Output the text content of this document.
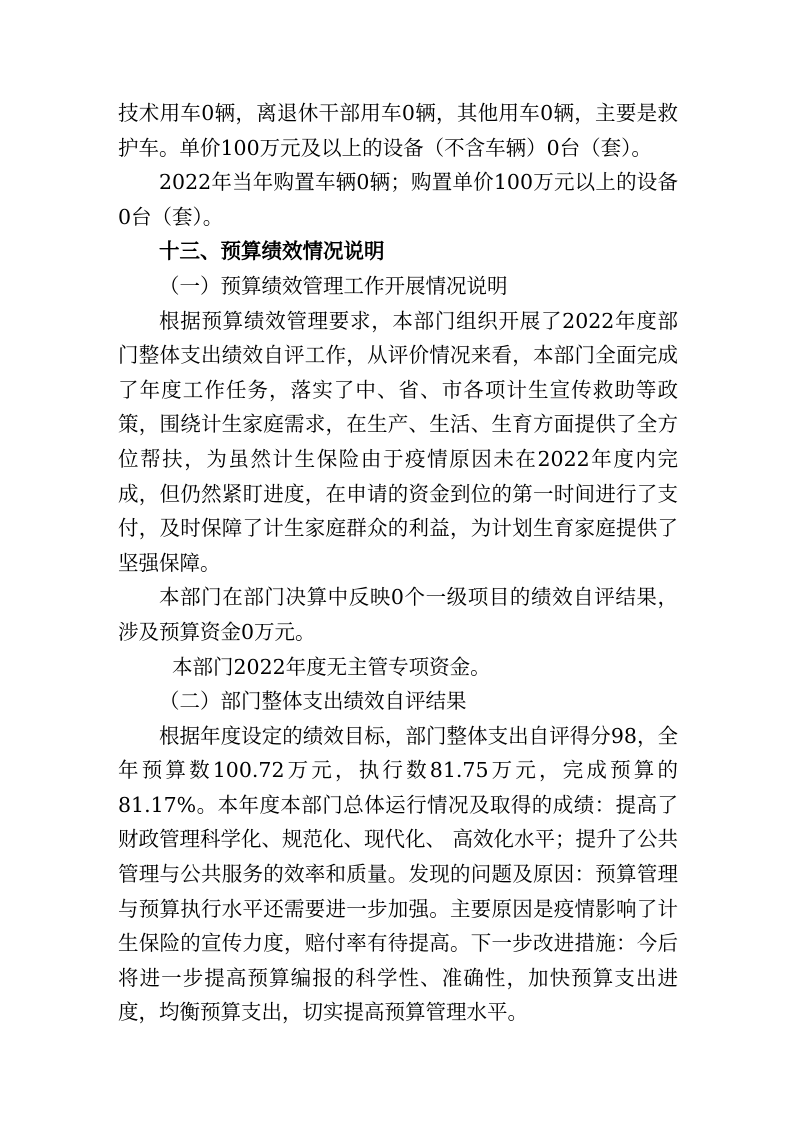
技术用车0辆，离退休干部用车0辆，其他用车0辆，主要是救护车。单价100万元及以上的设备（不含车辆）0台（套）。

2022年当年购置车辆0辆；购置单价100万元以上的设备0台（套）。

十三、预算绩效情况说明

（一）预算绩效管理工作开展情况说明

根据预算绩效管理要求，本部门组织开展了2022年度部门整体支出绩效自评工作，从评价情况来看，本部门全面完成了年度工作任务，落实了中、省、市各项计生宣传救助等政策，围绕计生家庭需求，在生产、生活、生育方面提供了全方位帮扶，为虽然计生保险由于疫情原因未在2022年度内完成，但仍然紧盯进度，在申请的资金到位的第一时间进行了支付，及时保障了计生家庭群众的利益，为计划生育家庭提供了坚强保障。

本部门在部门决算中反映0个一级项目的绩效自评结果，涉及预算资金0万元。

本部门2022年度无主管专项资金。

（二）部门整体支出绩效自评结果

根据年度设定的绩效目标，部门整体支出自评得分98，全年预算数100.72万元，执行数81.75万元，完成预算的81.17%。本年度本部门总体运行情况及取得的成绩：提高了财政管理科学化、规范化、现代化、 高效化水平；提升了公共管理与公共服务的效率和质量。发现的问题及原因：预算管理与预算执行水平还需要进一步加强。主要原因是疫情影响了计生保险的宣传力度，赔付率有待提高。下一步改进措施：今后将进一步提高预算编报的科学性、准确性，加快预算支出进度，均衡预算支出，切实提高预算管理水平。
